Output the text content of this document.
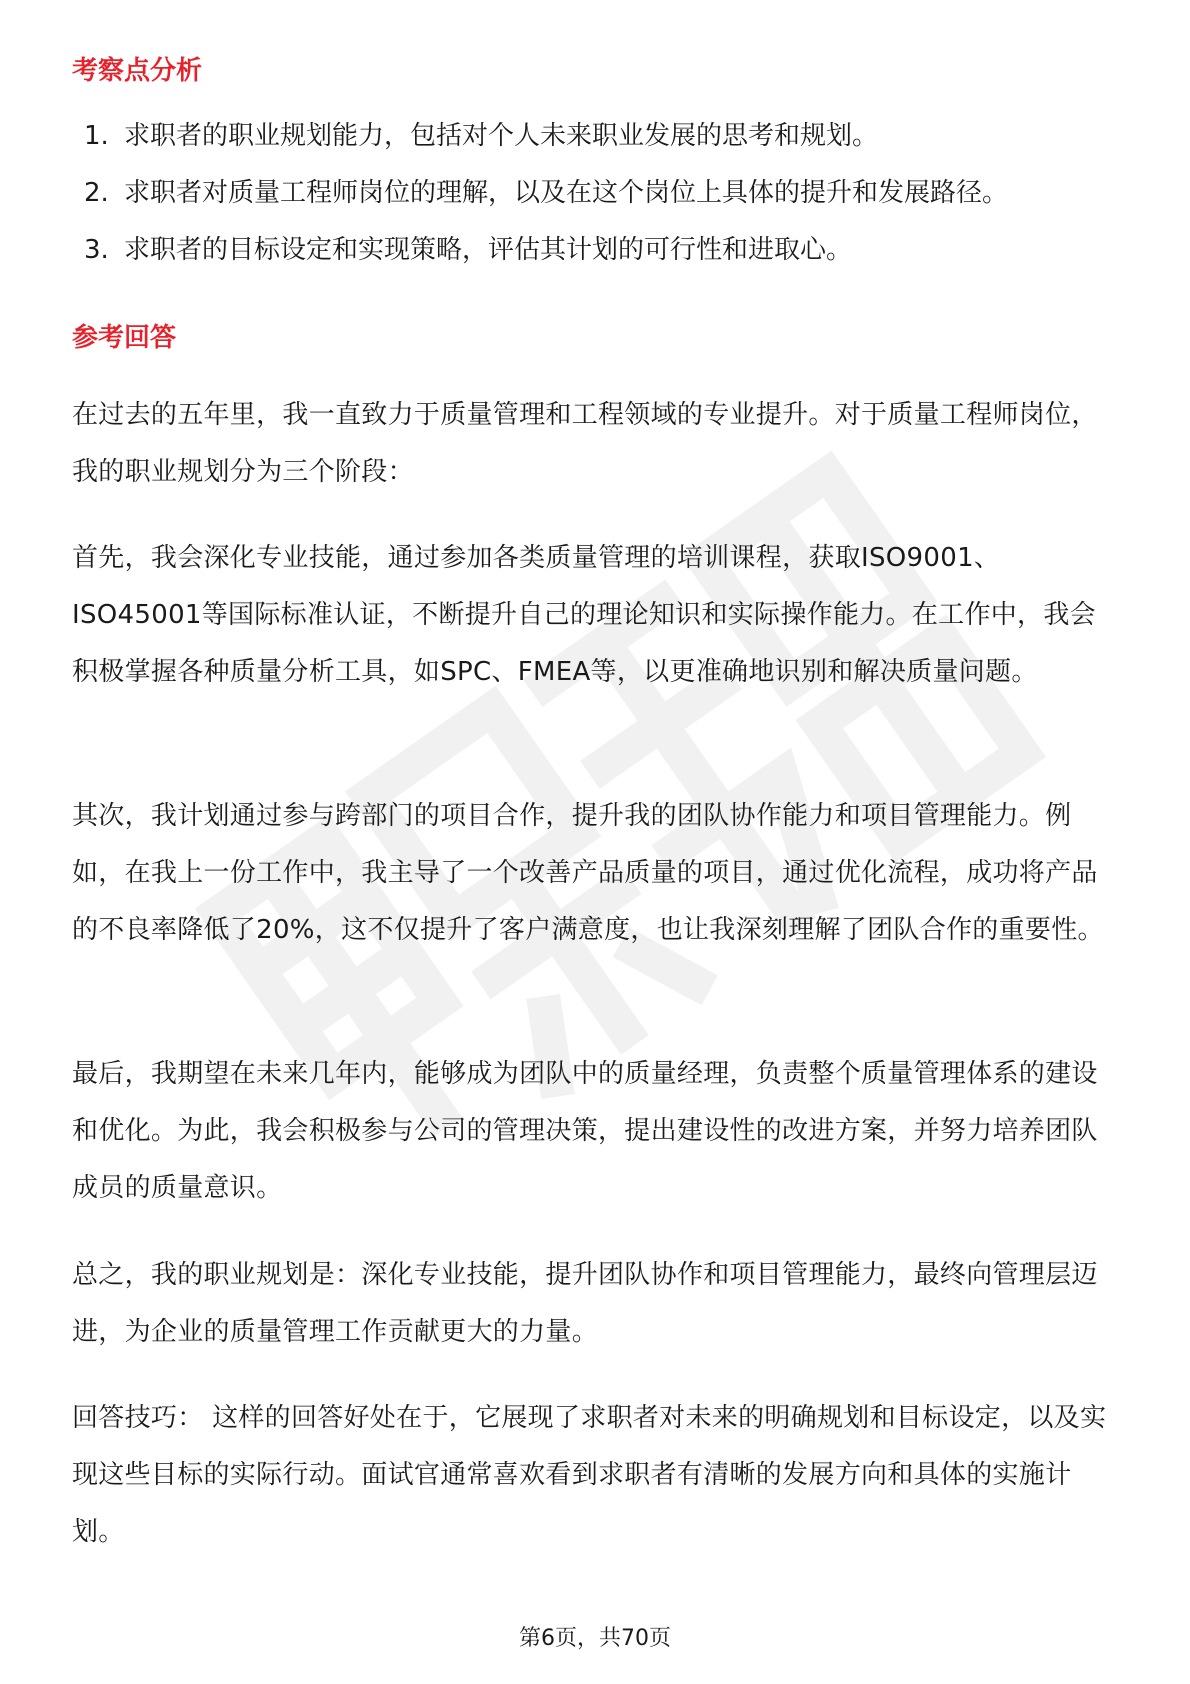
考察点分析
1. 求职者的职业规划能力，包括对个人未来职业发展的思考和规划。
2. 求职者对质量工程师岗位的理解，以及在这个岗位上具体的提升和发展路径。
3. 求职者的目标设定和实现策略，评估其计划的可行性和进取心。
参考回答

在过去的五年里，我一直致力于质量管理和工程领域的专业提升。对于质量工程师岗位，我的职业规划分为三个阶段：

首先，我会深化专业技能，通过参加各类质量管理的培训课程，获取ISO9001、ISO45001等国际标准认证，不断提升自己的理论知识和实际操作能力。在工作中，我会积极掌握各种质量分析工具，如SPC、FMEA等，以更准确地识别和解决质量问题。

其次，我计划通过参与跨部门的项目合作，提升我的团队协作能力和项目管理能力。例如，在我上一份工作中，我主导了一个改善产品质量的项目，通过优化流程，成功将产品的不良率降低了20%，这不仅提升了客户满意度，也让我深刻理解了团队合作的重要性。

最后，我期望在未来几年内，能够成为团队中的质量经理，负责整个质量管理体系的建设和优化。为此，我会积极参与公司的管理决策，提出建设性的改进方案，并努力培养团队成员的质量意识。

总之，我的职业规划是：深化专业技能，提升团队协作和项目管理能力，最终向管理层迈进，为企业的质量管理工作贡献更大的力量。

回答技巧： 这样的回答好处在于，它展现了求职者对未来的明确规划和目标设定，以及实现这些目标的实际行动。面试官通常喜欢看到求职者有清晰的发展方向和具体的实施计划。

第6页，共70页
